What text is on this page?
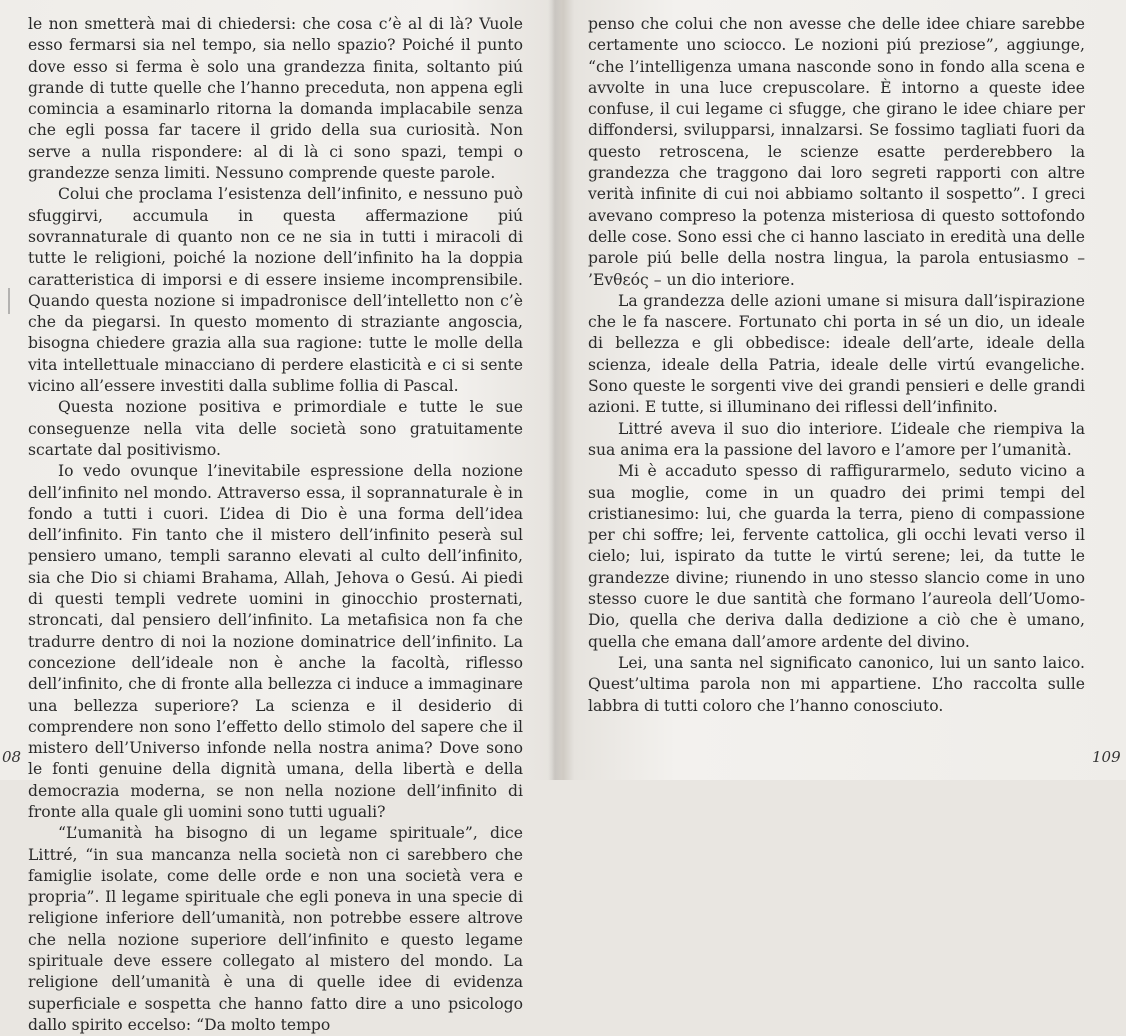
le non smetterà mai di chiedersi: che cosa c’è al di là? Vuole esso fermarsi sia nel tempo, sia nello spazio? Poiché il punto dove esso si ferma è solo una grandezza finita, soltanto piú grande di tutte quelle che l’hanno preceduta, non appena egli comincia a esaminarlo ritorna la domanda implacabile senza che egli possa far tacere il grido della sua curiosità. Non serve a nulla rispondere: al di là ci sono spazi, tempi o grandezze senza limiti. Nessuno comprende queste parole.

Colui che proclama l’esistenza dell’infinito, e nessuno può sfuggirvi, accumula in questa affermazione piú sovrannaturale di quanto non ce ne sia in tutti i miracoli di tutte le religioni, poiché la nozione dell’infinito ha la doppia caratteristica di imporsi e di essere insieme incomprensibile. Quando questa nozione si impadronisce dell’intelletto non c’è che da piegarsi. In questo momento di straziante angoscia, bisogna chiedere grazia alla sua ragione: tutte le molle della vita intellettuale minacciano di perdere elasticità e ci si sente vicino all’essere investiti dalla sublime follia di Pascal.

Questa nozione positiva e primordiale e tutte le sue conseguenze nella vita delle società sono gratuitamente scartate dal positivismo.

Io vedo ovunque l’inevitabile espressione della nozione dell’infinito nel mondo. Attraverso essa, il soprannaturale è in fondo a tutti i cuori. L’idea di Dio è una forma dell’idea dell’infinito. Fin tanto che il mistero dell’infinito peserà sul pensiero umano, templi saranno elevati al culto dell’infinito, sia che Dio si chiami Brahama, Allah, Jehova o Gesú. Ai piedi di questi templi vedrete uomini in ginocchio prosternati, stroncati, dal pensiero dell’infinito. La metafisica non fa che tradurre dentro di noi la nozione dominatrice dell’infinito. La concezione dell’ideale non è anche la facoltà, riflesso dell’infinito, che di fronte alla bellezza ci induce a immaginare una bellezza superiore? La scienza e il desiderio di comprendere non sono l’effetto dello stimolo del sapere che il mistero dell’Universo infonde nella nostra anima? Dove sono le fonti genuine della dignità umana, della libertà e della democrazia moderna, se non nella nozione dell’infinito di fronte alla quale gli uomini sono tutti uguali?

“L’umanità ha bisogno di un legame spirituale”, dice Littré, “in sua mancanza nella società non ci sarebbero che famiglie isolate, come delle orde e non una società vera e propria”. Il legame spirituale che egli poneva in una specie di religione inferiore dell’umanità, non potrebbe essere altrove che nella nozione superiore dell’infinito e questo legame spirituale deve essere collegato al mistero del mondo. La religione dell’umanità è una di quelle idee di evidenza superficiale e sospetta che hanno fatto dire a uno psicologo dallo spirito eccelso: “Da molto tempo

penso che colui che non avesse che delle idee chiare sarebbe certamente uno sciocco. Le nozioni piú preziose”, aggiunge, “che l’intelligenza umana nasconde sono in fondo alla scena e avvolte in una luce crepuscolare. È intorno a queste idee confuse, il cui legame ci sfugge, che girano le idee chiare per diffondersi, svilupparsi, innalzarsi. Se fossimo tagliati fuori da questo retroscena, le scienze esatte perderebbero la grandezza che traggono dai loro segreti rapporti con altre verità infinite di cui noi abbiamo soltanto il sospetto”. I greci avevano compreso la potenza misteriosa di questo sottofondo delle cose. Sono essi che ci hanno lasciato in eredità una delle parole piú belle della nostra lingua, la parola entusiasmo – ’Evθεός – un dio interiore.

La grandezza delle azioni umane si misura dall’ispirazione che le fa nascere. Fortunato chi porta in sé un dio, un ideale di bellezza e gli obbedisce: ideale dell’arte, ideale della scienza, ideale della Patria, ideale delle virtú evangeliche. Sono queste le sorgenti vive dei grandi pensieri e delle grandi azioni. E tutte, si illuminano dei riflessi dell’infinito.

Littré aveva il suo dio interiore. L’ideale che riempiva la sua anima era la passione del lavoro e l’amore per l’umanità.

Mi è accaduto spesso di raffigurarmelo, seduto vicino a sua moglie, come in un quadro dei primi tempi del cristianesimo: lui, che guarda la terra, pieno di compassione per chi soffre; lei, fervente cattolica, gli occhi levati verso il cielo; lui, ispirato da tutte le virtú serene; lei, da tutte le grandezze divine; riunendo in uno stesso slancio come in uno stesso cuore le due santità che formano l’aureola dell’Uomo-Dio, quella che deriva dalla dedizione a ciò che è umano, quella che emana dall’amore ardente del divino.

Lei, una santa nel significato canonico, lui un santo laico. Quest’ultima parola non mi appartiene. L’ho raccolta sulle labbra di tutti coloro che l’hanno conosciuto.

08	109
